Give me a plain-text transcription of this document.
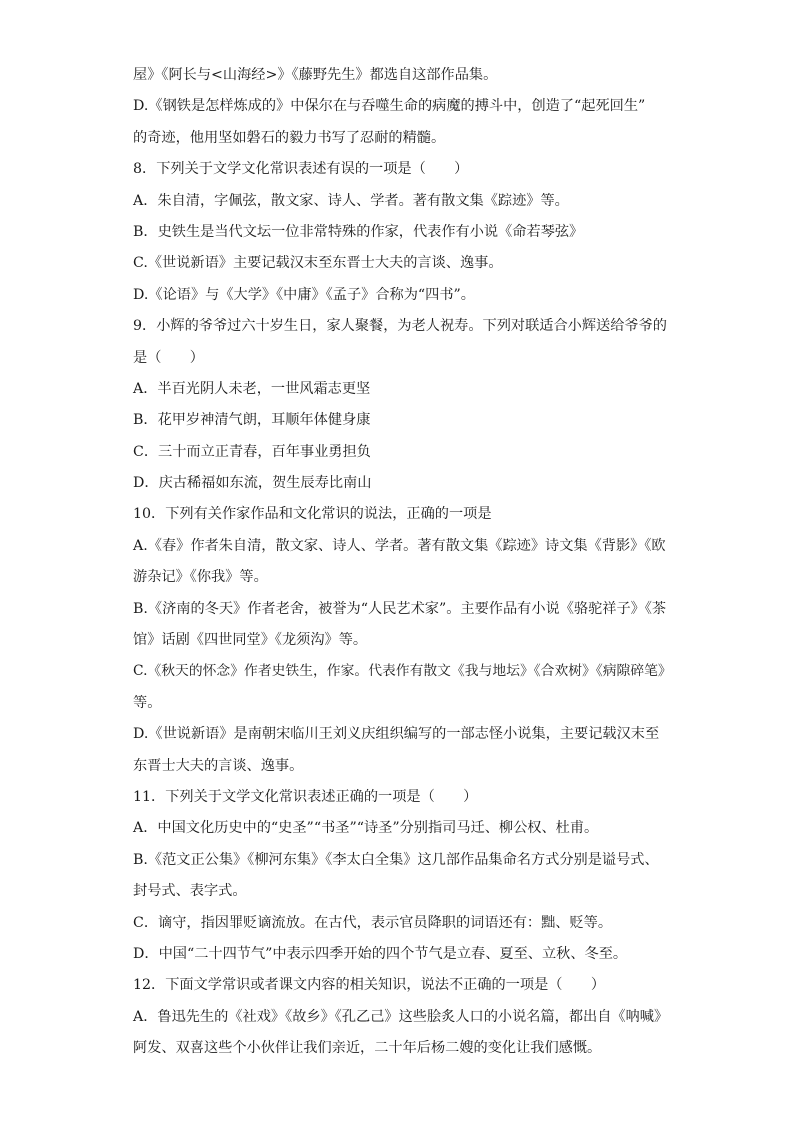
屋》《阿长与<山海经>》《藤野先生》都选自这部作品集。
D.《钢铁是怎样炼成的》中保尔在与吞噬生命的病魔的搏斗中，创造了“起死回生”
的奇迹，他用坚如磐石的毅力书写了忍耐的精髓。
8．下列关于文学文化常识表述有误的一项是（　　）
A．朱自清，字佩弦，散文家、诗人、学者。著有散文集《踪迹》等。
B．史铁生是当代文坛一位非常特殊的作家，代表作有小说《命若琴弦》
C.《世说新语》主要记载汉末至东晋士大夫的言谈、逸事。
D.《论语》与《大学》《中庸》《孟子》合称为“四书”。
9．小辉的爷爷过六十岁生日，家人聚餐，为老人祝寿。下列对联适合小辉送给爷爷的
是（　　）
A．半百光阴人未老，一世风霜志更坚
B．花甲岁神清气朗，耳顺年体健身康
C．三十而立正青春，百年事业勇担负
D．庆古稀福如东流，贺生辰寿比南山
10．下列有关作家作品和文化常识的说法，正确的一项是
A.《春》作者朱自清，散文家、诗人、学者。著有散文集《踪迹》诗文集《背影》《欧
游杂记》《你我》等。
B.《济南的冬天》作者老舍，被誉为“人民艺术家”。主要作品有小说《骆驼祥子》《茶
馆》话剧《四世同堂》《龙须沟》等。
C.《秋天的怀念》作者史铁生，作家。代表作有散文《我与地坛》《合欢树》《病隙碎笔》
等。
D.《世说新语》是南朝宋临川王刘义庆组织编写的一部志怪小说集，主要记载汉末至
东晋士大夫的言谈、逸事。
11．下列关于文学文化常识表述正确的一项是（　　）
A．中国文化历史中的“史圣”“书圣”“诗圣”分别指司马迁、柳公权、杜甫。
B.《范文正公集》《柳河东集》《李太白全集》这几部作品集命名方式分别是谥号式、
封号式、表字式。
C．谪守，指因罪贬谪流放。在古代，表示官员降职的词语还有：黜、贬等。
D．中国“二十四节气”中表示四季开始的四个节气是立春、夏至、立秋、冬至。
12．下面文学常识或者课文内容的相关知识，说法不正确的一项是（　　）
A．鲁迅先生的《社戏》《故乡》《孔乙己》这些脍炙人口的小说名篇，都出自《呐喊》
阿发、双喜这些个小伙伴让我们亲近，二十年后杨二嫂的变化让我们感慨。
